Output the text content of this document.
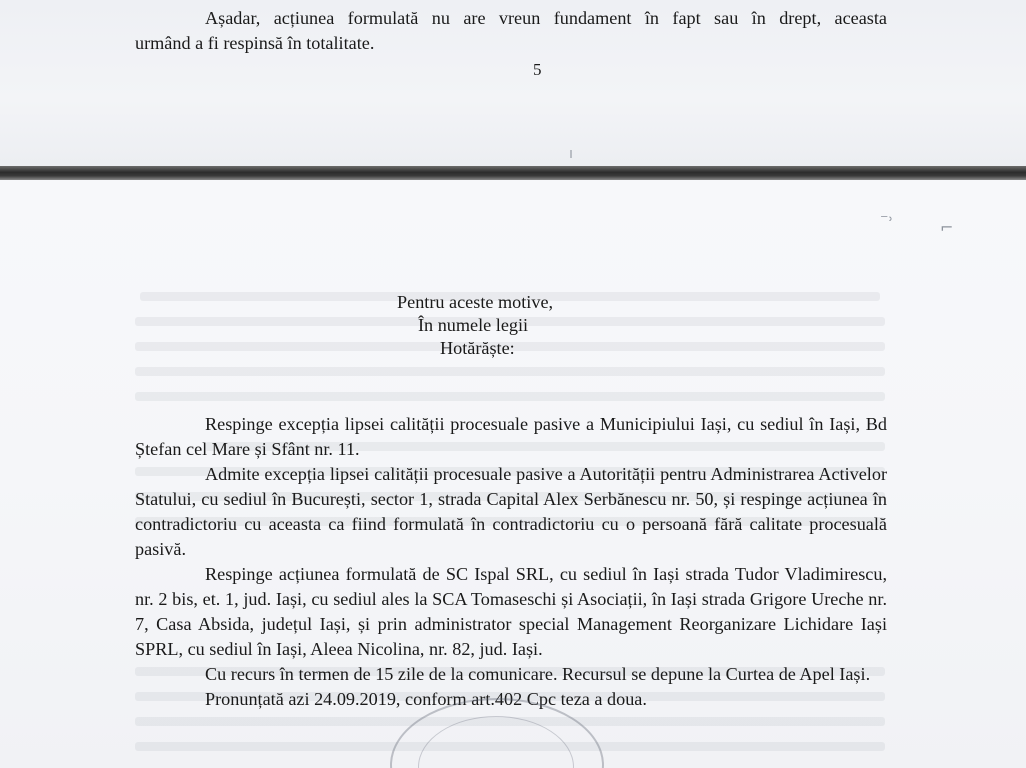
Așadar, acțiunea formulată nu are vreun fundament în fapt sau în drept, aceasta
urmând a fi respinsă în totalitate.
5
⁻˒	⌐
Pentru aceste motive,
În numele legii
Hotărăște:

Respinge excepția lipsei calității procesuale pasive a Municipiului Iași, cu sediul în Iași, Bd Ștefan cel Mare și Sfânt nr. 11.

Admite excepția lipsei calității procesuale pasive a Autorității pentru Administrarea Activelor Statului, cu sediul în București, sector 1, strada Capital Alex Serbănescu nr. 50, și respinge acțiunea în contradictoriu cu aceasta ca fiind formulată în contradictoriu cu o persoană fără calitate procesuală pasivă.

Respinge acțiunea formulată de SC Ispal SRL, cu sediul în Iași strada Tudor Vladimirescu, nr. 2 bis, et. 1, jud. Iași, cu sediul ales la SCA Tomaseschi și Asociații, în Iași strada Grigore Ureche nr. 7, Casa Absida, județul Iași, și prin administrator special Management Reorganizare Lichidare Iași SPRL, cu sediul în Iași, Aleea Nicolina, nr. 82, jud. Iași.

Cu recurs în termen de 15 zile de la comunicare. Recursul se depune la Curtea de Apel Iași.

Pronunțată azi 24.09.2019, conform art.402 Cpc teza a doua.
